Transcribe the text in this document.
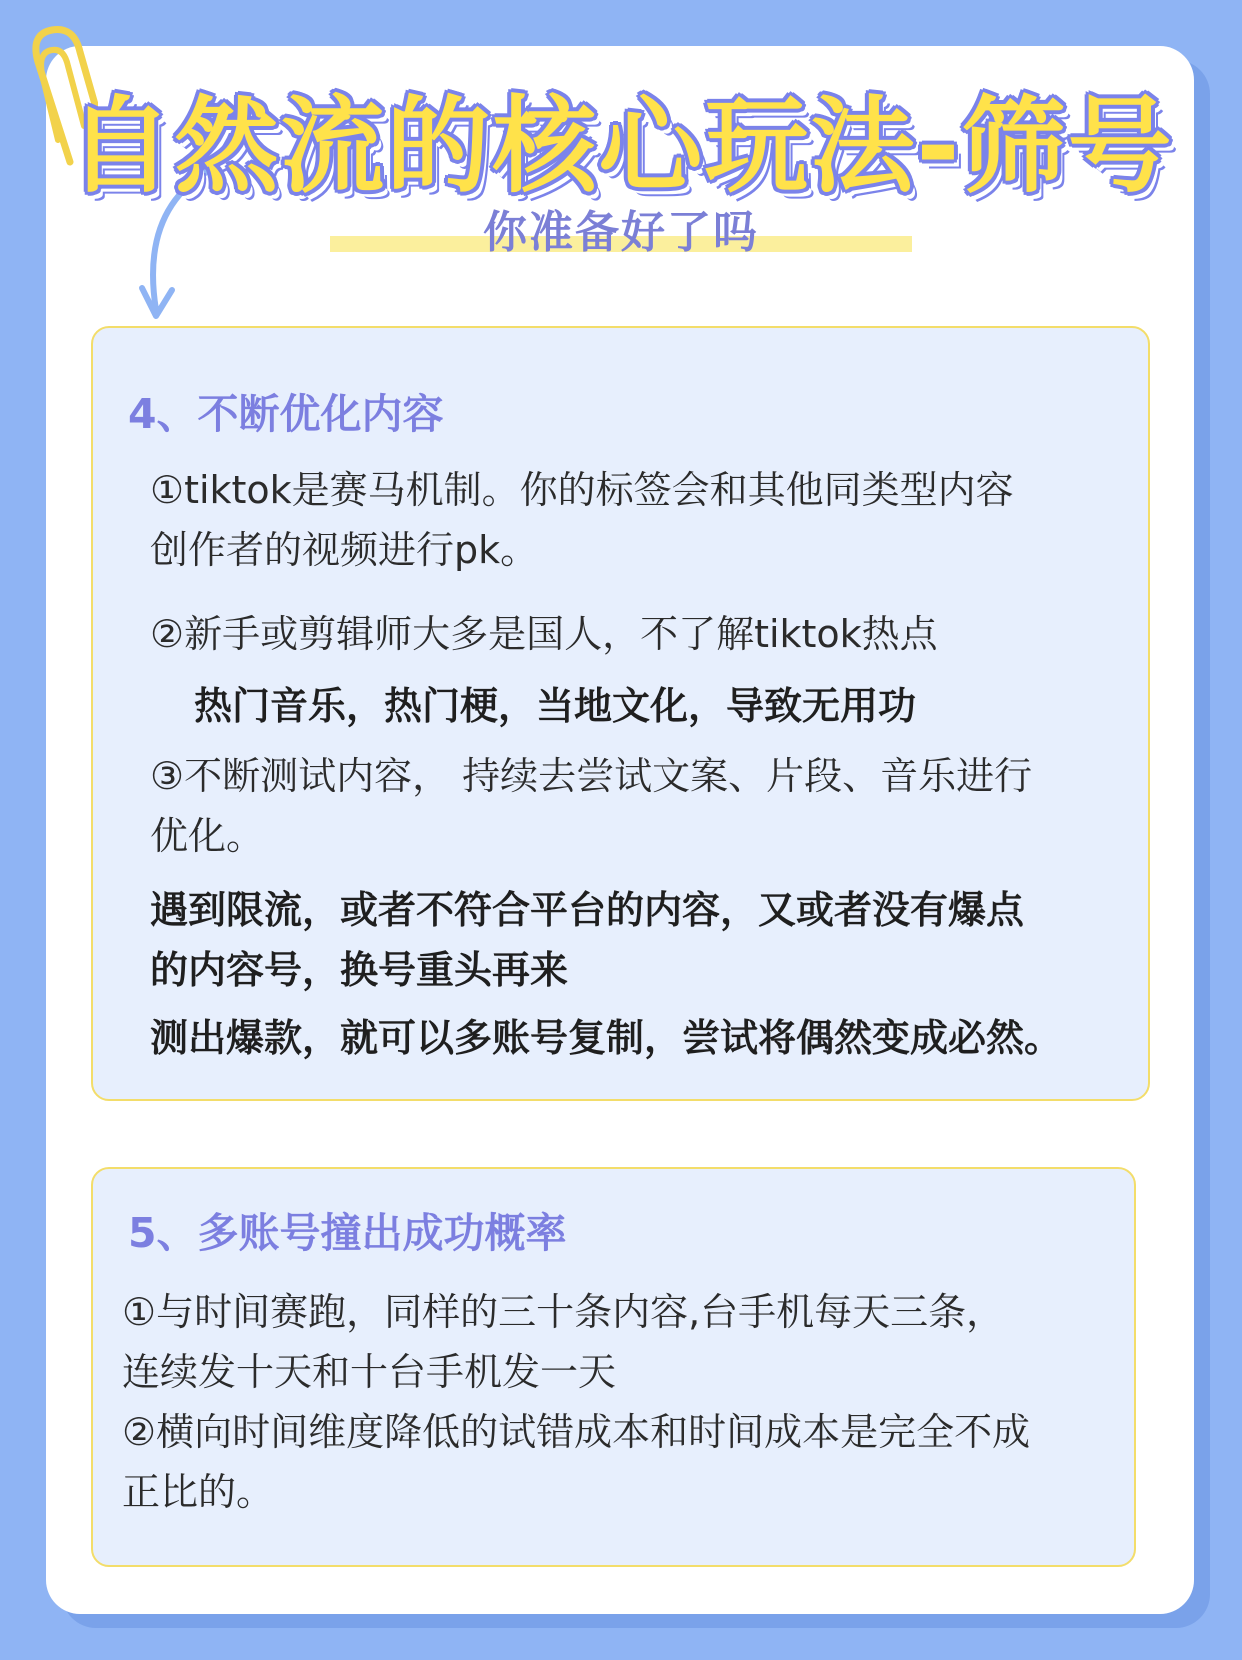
自然流的核心玩法-筛号
你准备好了吗
4、不断优化内容
①tiktok是赛马机制。你的标签会和其他同类型内容
创作者的视频进行pk。
②新手或剪辑师大多是国人，不了解tiktok热点
热门音乐，热门梗，当地文化，导致无用功
③不断测试内容， 持续去尝试文案、片段、音乐进行
优化。
遇到限流，或者不符合平台的内容，又或者没有爆点
的内容号，换号重头再来
测出爆款，就可以多账号复制，尝试将偶然变成必然。
5、多账号撞出成功概率
①与时间赛跑，同样的三十条内容,台手机每天三条，
连续发十天和十台手机发一天
②横向时间维度降低的试错成本和时间成本是完全不成
正比的。
